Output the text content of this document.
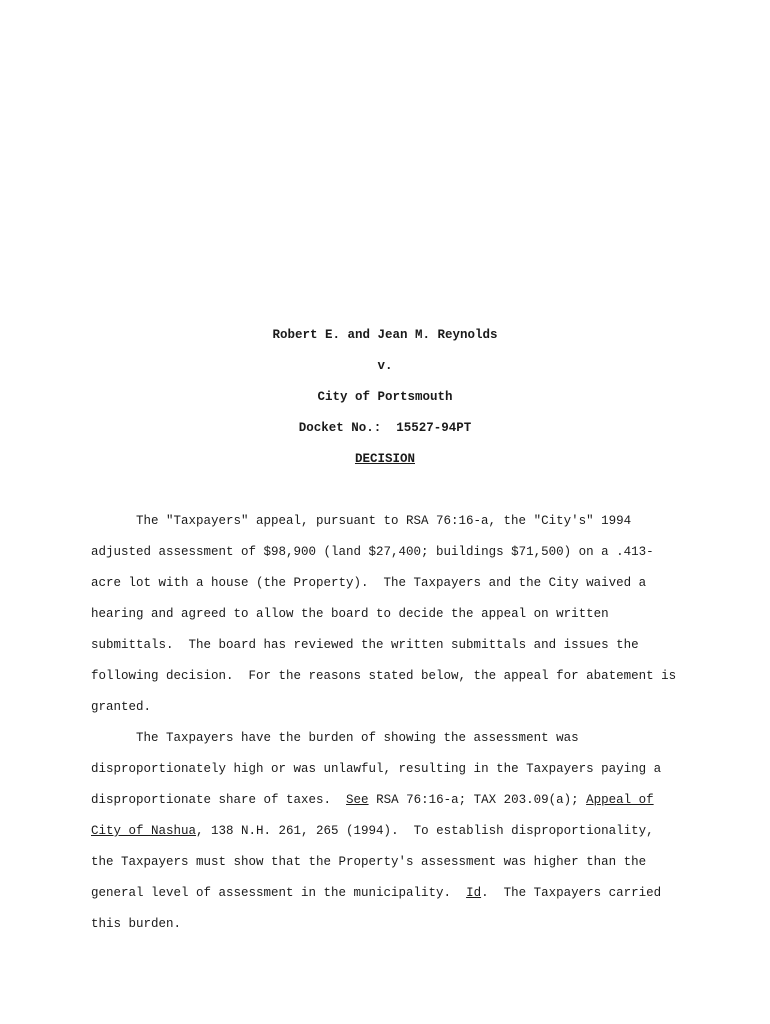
Robert E. and Jean M. Reynolds
v.
City of Portsmouth
Docket No.:  15527-94PT
DECISION
The "Taxpayers" appeal, pursuant to RSA 76:16-a, the "City's" 1994
adjusted assessment of $98,900 (land $27,400; buildings $71,500) on a .413-
acre lot with a house (the Property).  The Taxpayers and the City waived a
hearing and agreed to allow the board to decide the appeal on written
submittals.  The board has reviewed the written submittals and issues the
following decision.  For the reasons stated below, the appeal for abatement is
granted.
The Taxpayers have the burden of showing the assessment was
disproportionately high or was unlawful, resulting in the Taxpayers paying a
disproportionate share of taxes.  See RSA 76:16-a; TAX 203.09(a); Appeal of
City of Nashua, 138 N.H. 261, 265 (1994).  To establish disproportionality,
the Taxpayers must show that the Property's assessment was higher than the
general level of assessment in the municipality.  Id.  The Taxpayers carried
this burden.
